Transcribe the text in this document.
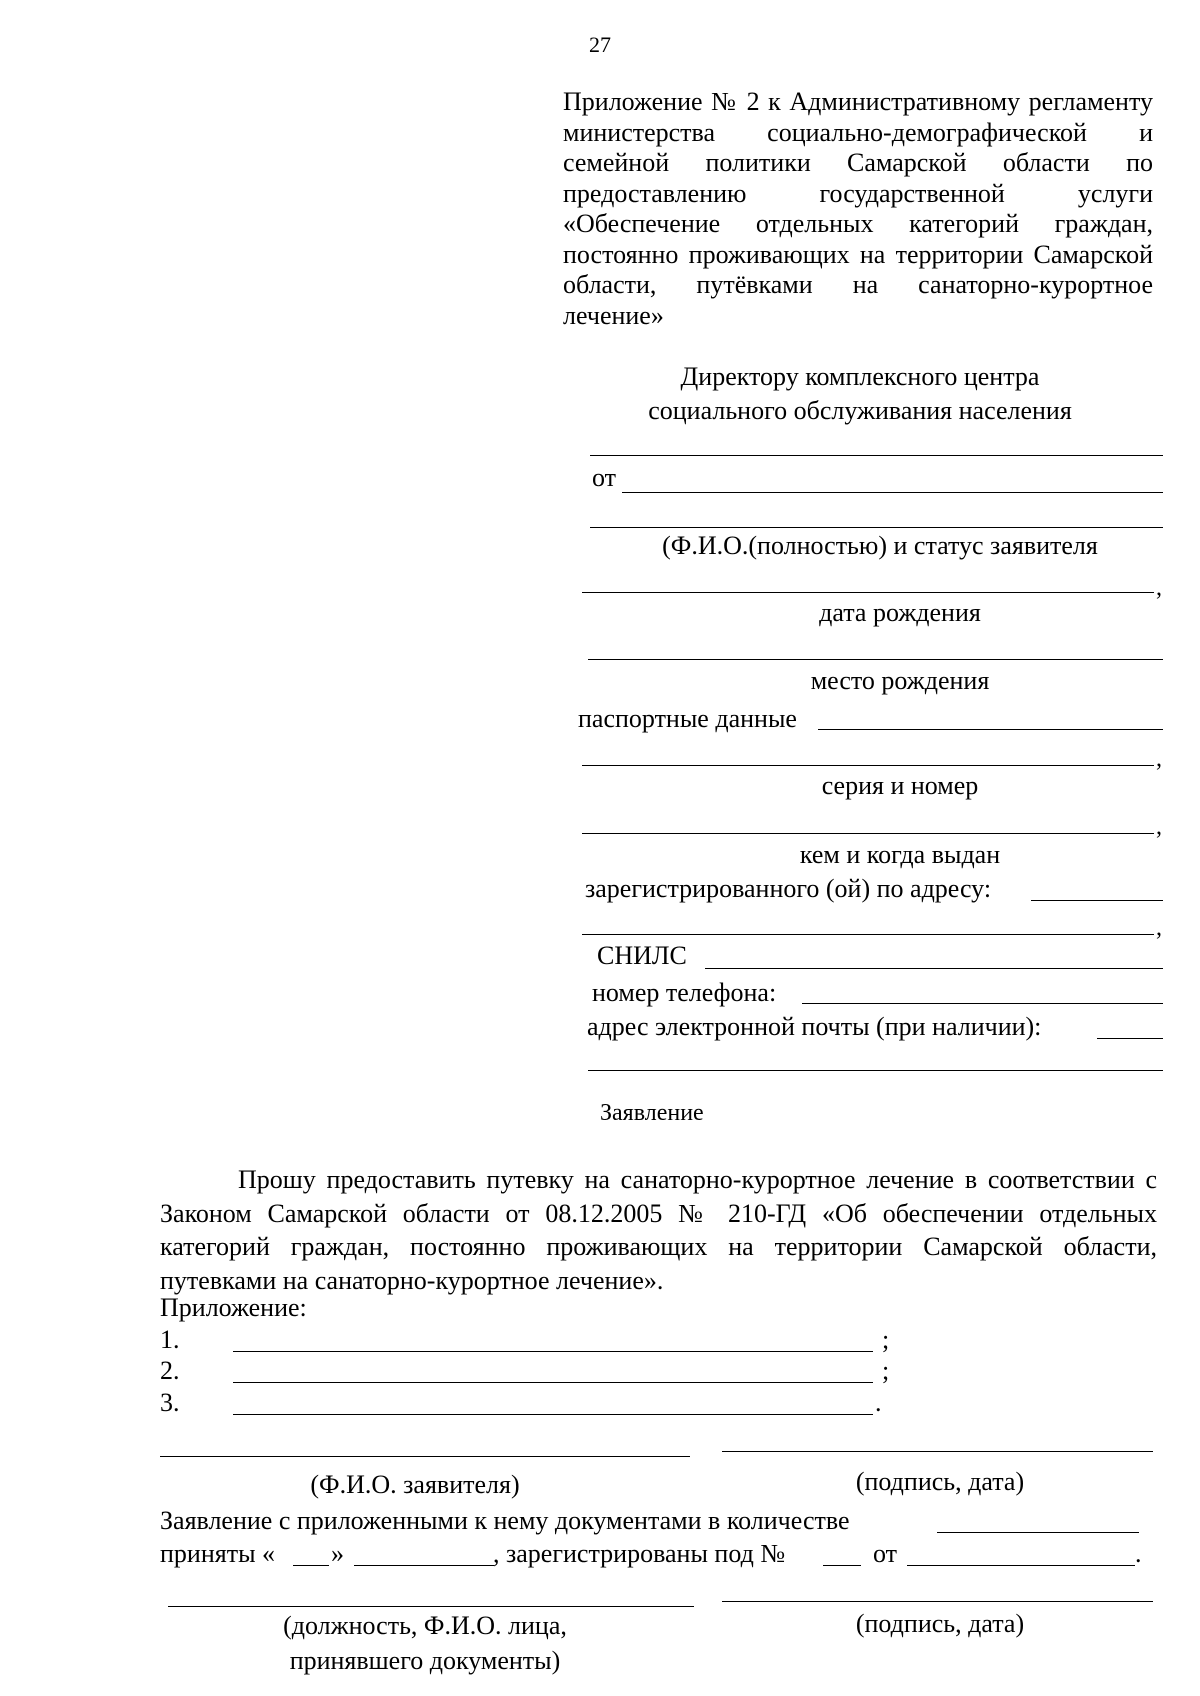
27
Приложение № 2 к Административному регламенту министерства социально-демографической и семейной политики Самарской области по предоставлению государственной услуги «Обеспечение отдельных категорий граждан, постоянно проживающих на территории Самарской области, путёвками на санаторно-курортное лечение»
Директору комплексного центра
социального обслуживания населения
от
(Ф.И.О.(полностью) и статус заявителя
,
дата рождения
место рождения
паспортные данные
,
серия и номер
,
кем и когда выдан
зарегистрированного (ой) по адресу:
,
СНИЛС
номер телефона:
адрес электронной почты (при наличии):
Заявление
Прошу предоставить путевку на санаторно-курортное лечение в соответствии с Законом Самарской области от 08.12.2005 № 210-ГД «Об обеспечении отдельных категорий граждан, постоянно проживающих на территории Самарской области, путевками на санаторно-курортное лечение».
Приложение:
1.	;
2.	;
3.	.
(Ф.И.О. заявителя)	(подпись, дата)
Заявление с приложенными к нему документами в количестве
приняты « »	, зарегистрированы под №	от	.
(должность, Ф.И.О. лица,
принявшего документы)
(подпись, дата)
